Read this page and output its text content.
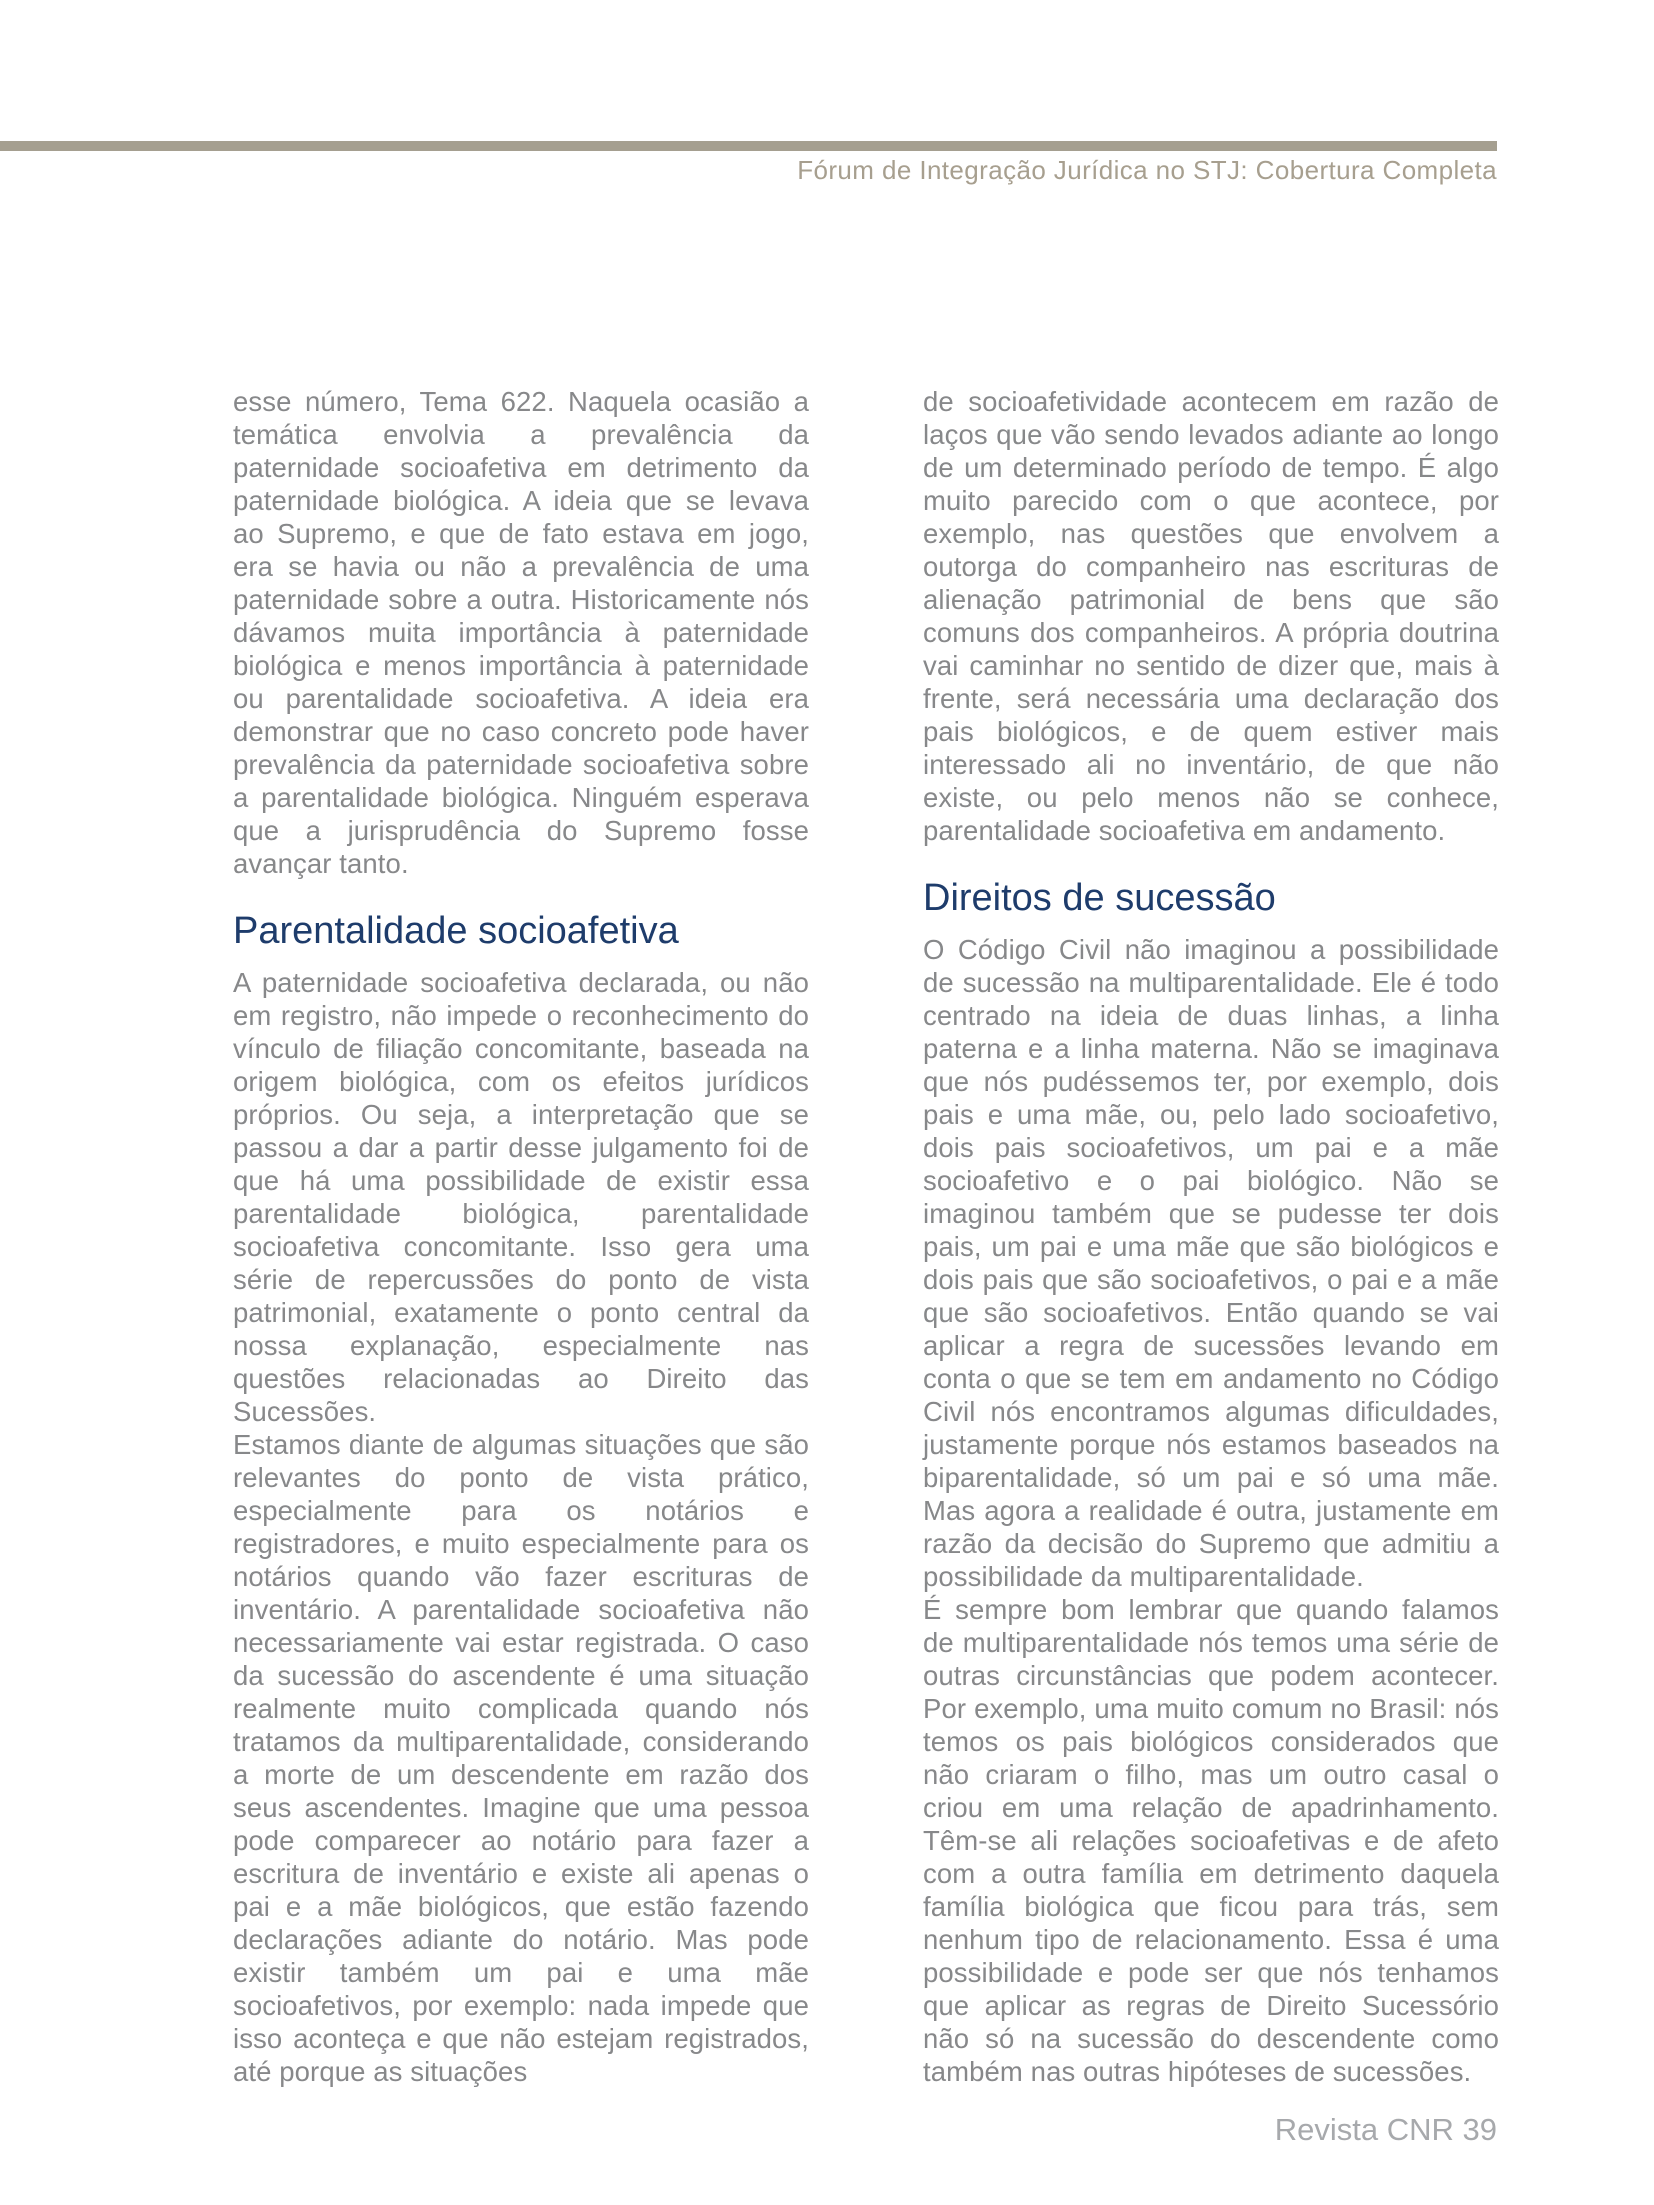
Fórum de Integração Jurídica no STJ: Cobertura Completa

esse número, Tema 622. Naquela ocasião a temática envolvia a prevalência da paternidade socioafetiva em detrimento da paternidade biológica. A ideia que se levava ao Supremo, e que de fato estava em jogo, era se havia ou não a prevalência de uma paternidade sobre a outra. Historicamente nós dávamos muita importância à paternidade biológica e menos importância à paternidade ou parentalidade socioafetiva. A ideia era demonstrar que no caso concreto pode haver prevalência da paternidade socioafetiva sobre a parentalidade biológica. Ninguém esperava que a jurisprudência do Supremo fosse avançar tanto.

Parentalidade socioafetiva

A paternidade socioafetiva declarada, ou não em registro, não impede o reconhecimento do vínculo de filiação concomitante, baseada na origem biológica, com os efeitos jurídicos próprios. Ou seja, a interpretação que se passou a dar a partir desse julgamento foi de que há uma possibilidade de existir essa parentalidade biológica, parentalidade socioafetiva concomitante. Isso gera uma série de repercussões do ponto de vista patrimonial, exatamente o ponto central da nossa explanação, especialmente nas questões relacionadas ao Direito das Sucessões.

Estamos diante de algumas situações que são relevantes do ponto de vista prático, especialmente para os notários e registradores, e muito especialmente para os notários quando vão fazer escrituras de inventário. A parentalidade socioafetiva não necessariamente vai estar registrada. O caso da sucessão do ascendente é uma situação realmente muito complicada quando nós tratamos da multiparentalidade, considerando a morte de um descendente em razão dos seus ascendentes. Imagine que uma pessoa pode comparecer ao notário para fazer a escritura de inventário e existe ali apenas o pai e a mãe biológicos, que estão fazendo declarações adiante do notário. Mas pode existir também um pai e uma mãe socioafetivos, por exemplo: nada impede que isso aconteça e que não estejam registrados, até porque as situações

de socioafetividade acontecem em razão de laços que vão sendo levados adiante ao longo de um determinado período de tempo. É algo muito parecido com o que acontece, por exemplo, nas questões que envolvem a outorga do companheiro nas escrituras de alienação patrimonial de bens que são comuns dos companheiros. A própria doutrina vai caminhar no sentido de dizer que, mais à frente, será necessária uma declaração dos pais biológicos, e de quem estiver mais interessado ali no inventário, de que não existe, ou pelo menos não se conhece, parentalidade socioafetiva em andamento.

Direitos de sucessão

O Código Civil não imaginou a possibilidade de sucessão na multiparentalidade. Ele é todo centrado na ideia de duas linhas, a linha paterna e a linha materna. Não se imaginava que nós pudéssemos ter, por exemplo, dois pais e uma mãe, ou, pelo lado socioafetivo, dois pais socioafetivos, um pai e a mãe socioafetivo e o pai biológico. Não se imaginou também que se pudesse ter dois pais, um pai e uma mãe que são biológicos e dois pais que são socioafetivos, o pai e a mãe que são socioafetivos. Então quando se vai aplicar a regra de sucessões levando em conta o que se tem em andamento no Código Civil nós encontramos algumas dificuldades, justamente porque nós estamos baseados na biparentalidade, só um pai e só uma mãe. Mas agora a realidade é outra, justamente em razão da decisão do Supremo que admitiu a possibilidade da multiparentalidade.

É sempre bom lembrar que quando falamos de multiparentalidade nós temos uma série de outras circunstâncias que podem acontecer. Por exemplo, uma muito comum no Brasil: nós temos os pais biológicos considerados que não criaram o filho, mas um outro casal o criou em uma relação de apadrinhamento. Têm-se ali relações socioafetivas e de afeto com a outra família em detrimento daquela família biológica que ficou para trás, sem nenhum tipo de relacionamento. Essa é uma possibilidade e pode ser que nós tenhamos que aplicar as regras de Direito Sucessório não só na sucessão do descendente como também nas outras hipóteses de sucessões.

Revista CNR 39
